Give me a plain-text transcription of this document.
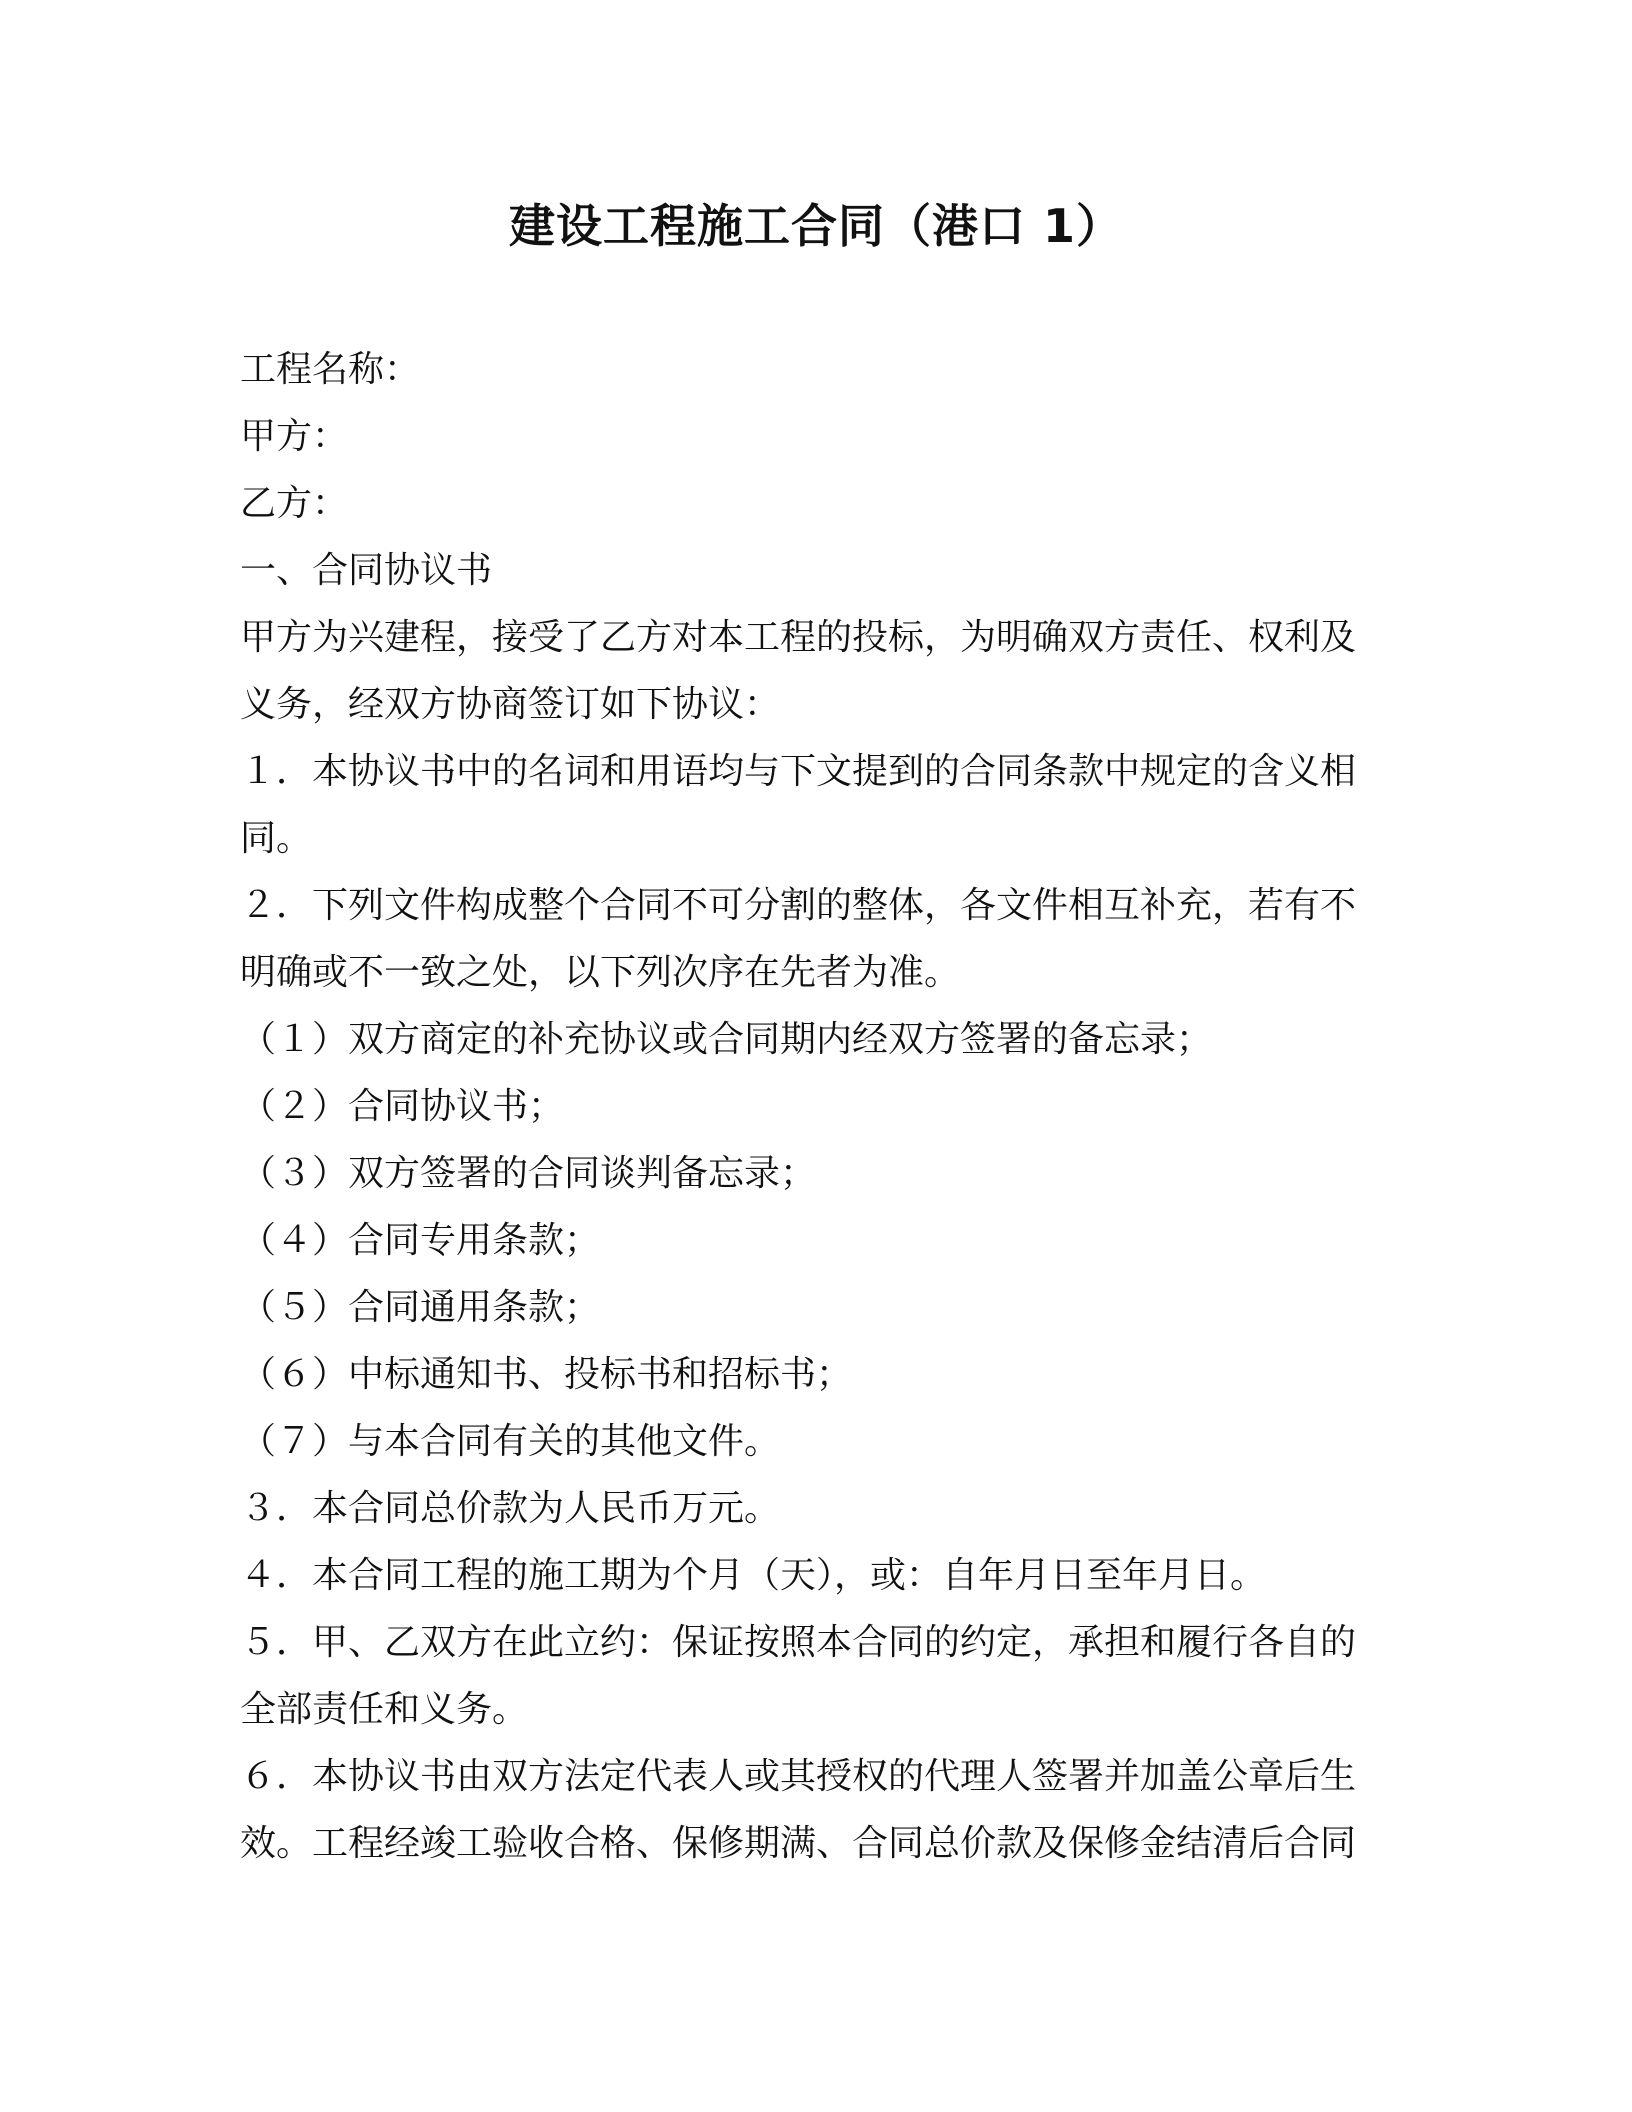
建设工程施工合同（港口 1）

工程名称：

甲方：

乙方：

一、合同协议书

甲方为兴建程，接受了乙方对本工程的投标，为明确双方责任、权利及

义务，经双方协商签订如下协议：

１．本协议书中的名词和用语均与下文提到的合同条款中规定的含义相

同。

２．下列文件构成整个合同不可分割的整体，各文件相互补充，若有不

明确或不一致之处，以下列次序在先者为准。

（１）双方商定的补充协议或合同期内经双方签署的备忘录；

（２）合同协议书；

（３）双方签署的合同谈判备忘录；

（４）合同专用条款；

（５）合同通用条款；

（６）中标通知书、投标书和招标书；

（７）与本合同有关的其他文件。

３．本合同总价款为人民币万元。

４．本合同工程的施工期为个月（天），或：自年月日至年月日。

５．甲、乙双方在此立约：保证按照本合同的约定，承担和履行各自的

全部责任和义务。

６．本协议书由双方法定代表人或其授权的代理人签署并加盖公章后生

效。工程经竣工验收合格、保修期满、合同总价款及保修金结清后合同
